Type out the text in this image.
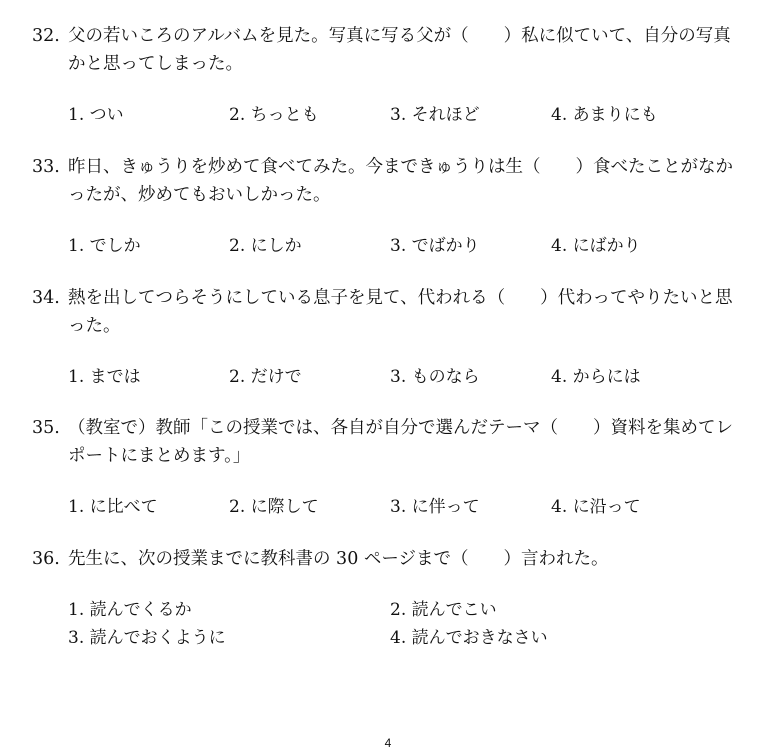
32. 父の若いころのアルバムを見た。写真に写る父が（　　）私に似ていて、自分の写真
かと思ってしまった。
1. つい	2. ちっとも	3. それほど	4. あまりにも
33. 昨日、きゅうりを炒めて食べてみた。今まできゅうりは生（　　）食べたことがなか
ったが、炒めてもおいしかった。
1. でしか	2. にしか	3. でばかり	4. にばかり
34. 熱を出してつらそうにしている息子を見て、代われる（　　）代わってやりたいと思
った。
1. までは	2. だけで	3. ものなら	4. からには
35. （教室で）教師「この授業では、各自が自分で選んだテーマ（　　）資料を集めてレ
ポートにまとめます。」
1. に比べて	2. に際して	3. に伴って	4. に沿って
36. 先生に、次の授業までに教科書の 30 ページまで（　　）言われた。
1. 読んでくるか	2. 読んでこい
3. 読んでおくように	4. 読んでおきなさい
4
